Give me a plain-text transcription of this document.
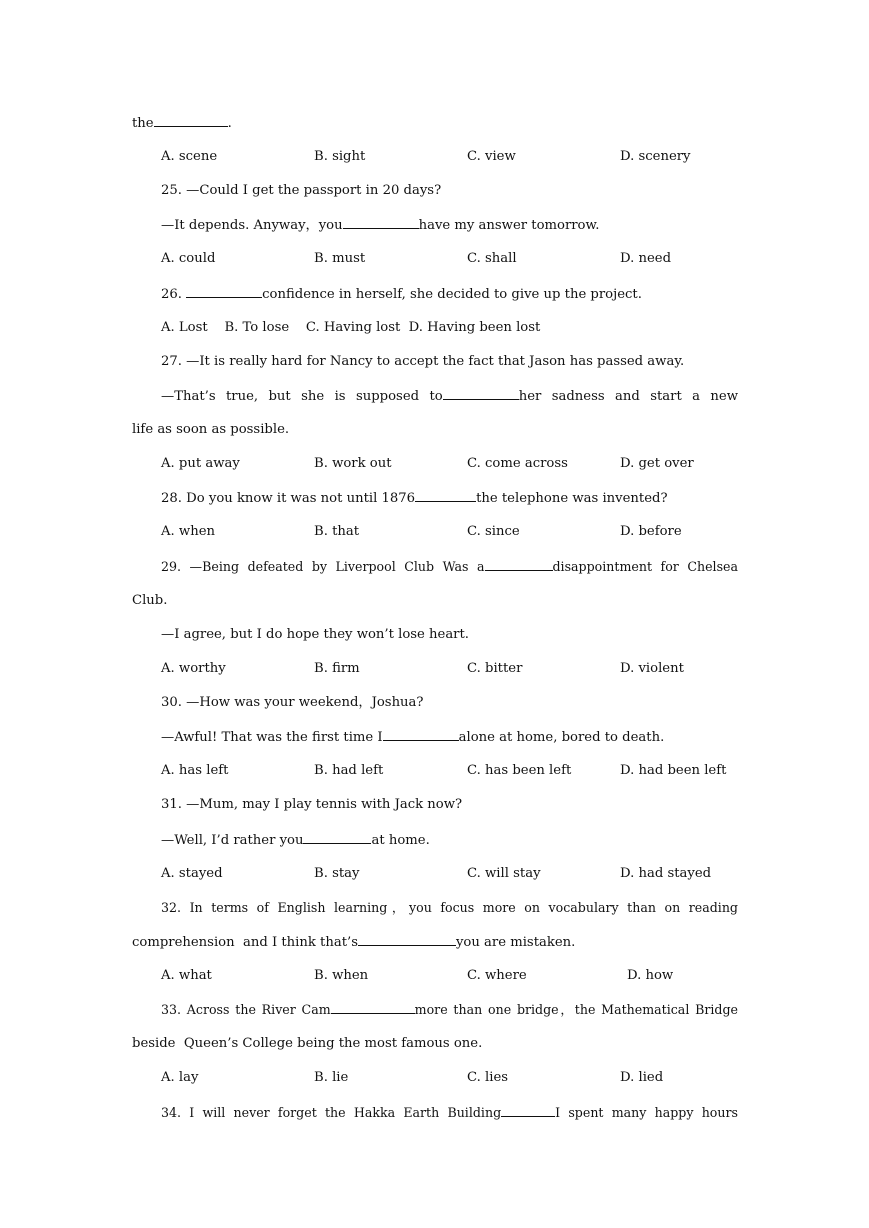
the	.
A. scene	B. sight	C. view	D. scenery
25. —Could I get the passport in 20 days?
—It depends. Anyway，you	have my answer tomorrow.
A. could	B. must	C. shall	D. need
26.	confidence in herself, she decided to give up the project.
A. Lost    B. To lose    C. Having lost  D. Having been lost
27. —It is really hard for Nancy to accept the fact that Jason has passed away.
—That’s true, but she is supposed to	her sadness and start a new
life as soon as possible.
A. put away	B. work out	C. come across	D. get over
28. Do you know it was not until 1876	the telephone was invented?
A. when	B. that	C. since	D. before
29. —Being defeated by Liverpool Club Was a	disappointment for Chelsea
Club.
—I agree, but I do hope they won’t lose heart.
A. worthy	B. firm	C. bitter	D. violent
30. —How was your weekend，Joshua?
—Awful! That was the first time I	alone at home, bored to death.
A. has left	B. had left	C. has been left	D. had been left
31. —Mum, may I play tennis with Jack now?
—Well, I’d rather you	at home.
A. stayed	B. stay	C. will stay	D. had stayed
32. In terms of English learning，you focus more on vocabulary than on reading
comprehension  and I think that’s	you are mistaken.
A. what	B. when	C. where	D. how
33. Across the River Cam	more than one bridge，the Mathematical Bridge
beside  Queen’s College being the most famous one.
A. lay	B. lie	C. lies	D. lied
34. I will never forget the Hakka Earth Building	I spent many happy hours
